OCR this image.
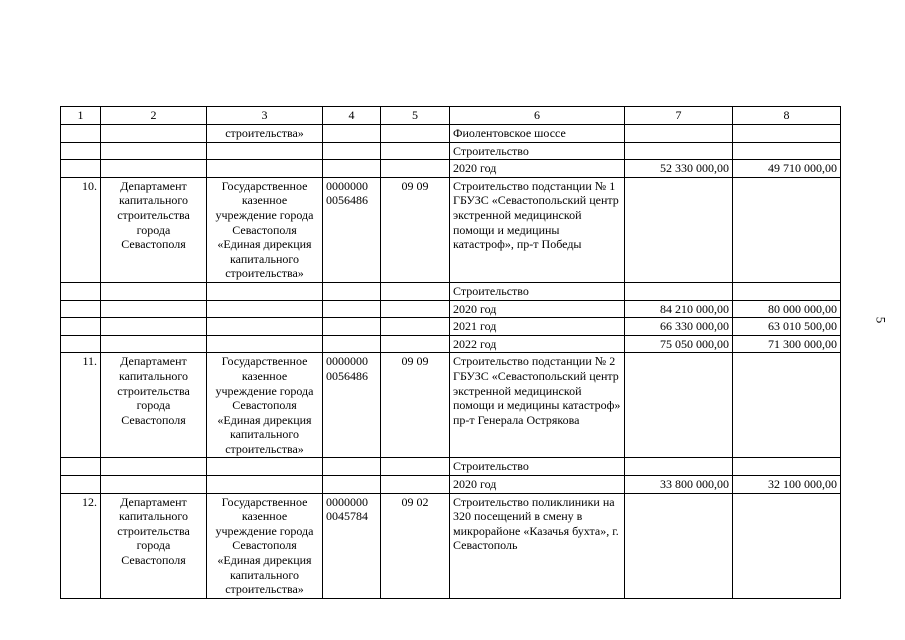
5
1	2	3	4	5	6	7	8
		строительства»			Фиолентовское шоссе		
					Строительство		
					2020 год	52 330 000,00	49 710 000,00
10.	Департамент капитального строительства города Севастополя	Государственное казенное учреждение города Севастополя «Единая дирекция капитального строительства»	0000000 0056486	09 09	Строительство подстанции № 1 ГБУЗС «Севастопольский центр экстренной медицинской помощи и медицины катастроф», пр-т Победы		
					Строительство		
					2020 год	84 210 000,00	80 000 000,00
					2021 год	66 330 000,00	63 010 500,00
					2022 год	75 050 000,00	71 300 000,00
11.	Департамент капитального строительства города Севастополя	Государственное казенное учреждение города Севастополя «Единая дирекция капитального строительства»	0000000 0056486	09 09	Строительство подстанции № 2 ГБУЗС «Севастопольский центр экстренной медицинской помощи и медицины катастроф» пр-т Генерала Острякова		
					Строительство		
					2020 год	33 800 000,00	32 100 000,00
12.	Департамент капитального строительства города Севастополя	Государственное казенное учреждение города Севастополя «Единая дирекция капитального строительства»	0000000 0045784	09 02	Строительство поликлиники на 320 посещений в смену в микрорайоне «Казачья бухта», г. Севастополь		
